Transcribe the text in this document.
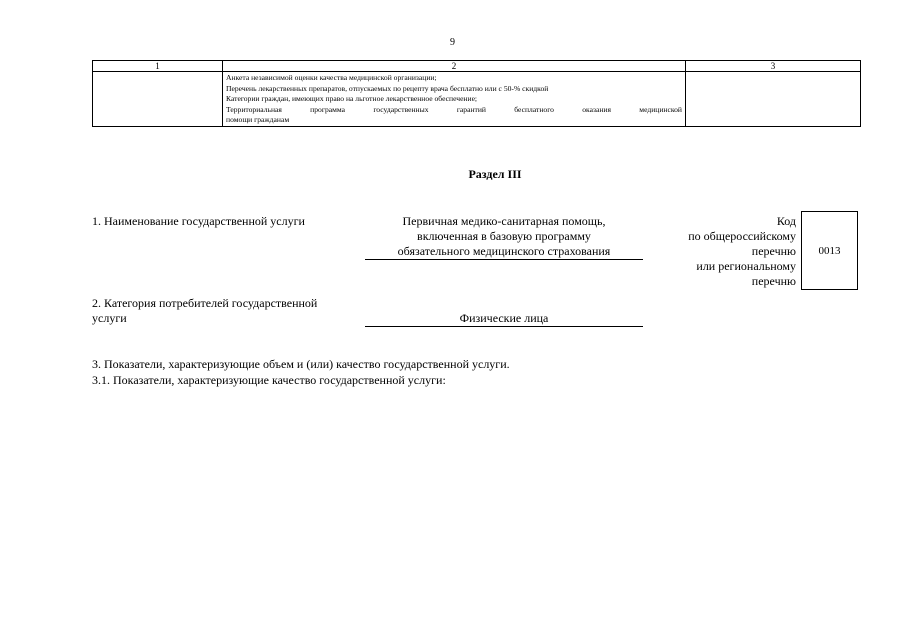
9
1	2	3

	Анкета независимой оценки качества медицинской организации;
Перечень лекарственных препаратов, отпускаемых по рецепту врача бесплатно или с 50-% скидкой
Категории граждан, имеющих право на льготное лекарственное обеспечение;
Территориальная программа государственных гарантий бесплатного оказания медицинской
помощи гражданам	

Раздел III
1. Наименование государственной услуги	Первичная медико-санитарная помощь,
включенная в базовую программу
обязательного медицинского страхования
Код
по общероссийскому
перечню
или региональному
перечню
0013
2. Категория потребителей государственной
услуги	Физические лица
3. Показатели, характеризующие объем и (или) качество государственной услуги.
3.1. Показатели, характеризующие качество государственной услуги:
